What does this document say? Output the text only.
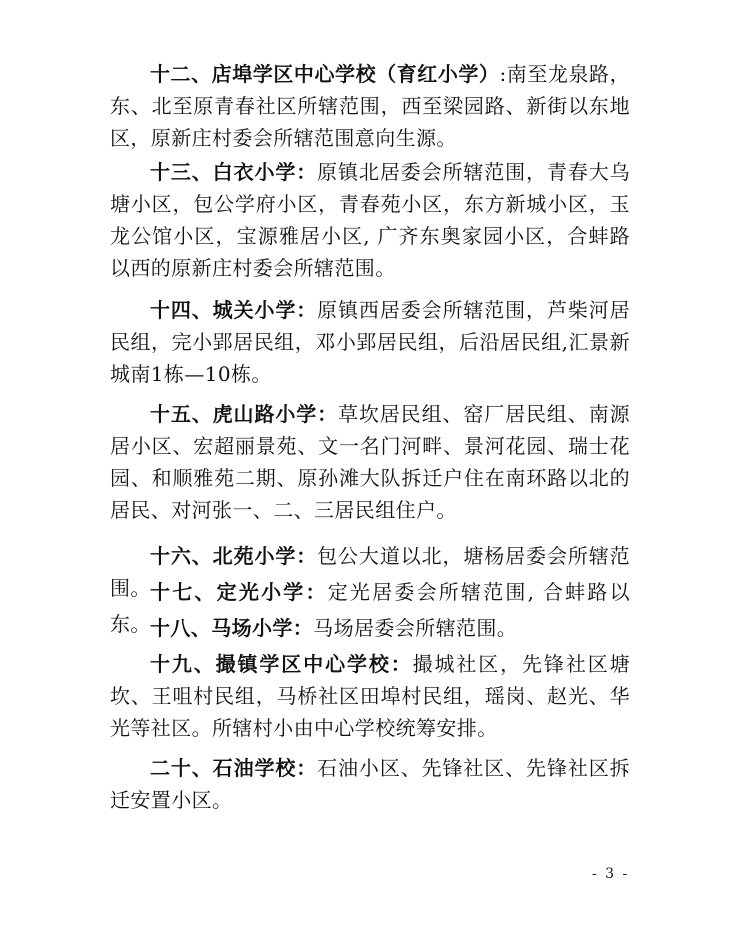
十二、店埠学区中心学校（育红小学）:南至龙泉路，东、北至原青春社区所辖范围，西至梁园路、新街以东地区，原新庄村委会所辖范围意向生源。
十三、白衣小学：原镇北居委会所辖范围，青春大乌塘小区，包公学府小区，青春苑小区，东方新城小区，玉龙公馆小区，宝源雅居小区, 广齐东奥家园小区，合蚌路以西的原新庄村委会所辖范围。
十四、城关小学：原镇西居委会所辖范围，芦柴河居民组，完小郢居民组，邓小郢居民组，后沿居民组,汇景新城南1栋—10栋。
十五、虎山路小学：草坎居民组、窑厂居民组、南源居小区、宏超丽景苑、文一名门河畔、景河花园、瑞士花园、和顺雅苑二期、原孙滩大队拆迁户住在南环路以北的居民、对河张一、二、三居民组住户。
十六、北苑小学：包公大道以北，塘杨居委会所辖范围。 十七、定光小学：定光居委会所辖范围, 合蚌路以东。 十八、马场小学：马场居委会所辖范围。
十九、撮镇学区中心学校：撮城社区，先锋社区塘坎、王咀村民组，马桥社区田埠村民组，瑶岗、赵光、华光等社区。所辖村小由中心学校统筹安排。
二十、石油学校：石油小区、先锋社区、先锋社区拆迁安置小区。
- 3 -
